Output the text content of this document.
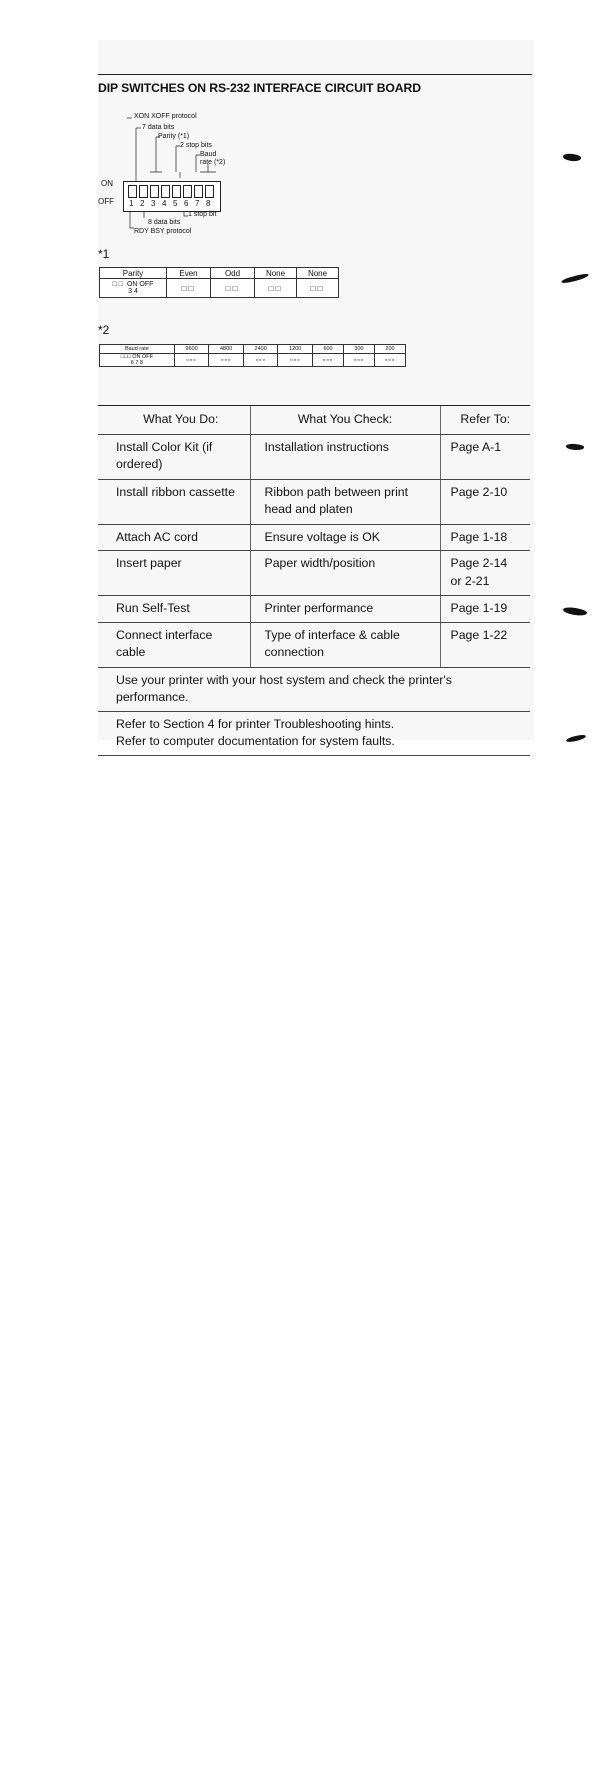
DIP SWITCHES ON RS-232 INTERFACE CIRCUIT BOARD
XON XOFF protocol
7 data bits
Parity (*1)
2 stop bits
Baud
rate (*2)
ON
OFF 1 2 3 4 5 6 7 8
1 stop bit
8 data bits
RDY BSY protocol
*1
Parity	Even	Odd	None	None

□□ ON OFF
3 4	□□	□□	□□	□□
*2
Baud rate	9600	4800	2400	1200	600	300	200

□□□ ON OFF
6 7 8	▫▫▫	▫▫▫	▫▫▫	▫▫▫	▫▫▫	▫▫▫	▫▫▫
What You Do:	What You Check:	Refer To:
Install Color Kit (if ordered)	Installation instructions	Page A-1
Install ribbon cassette	Ribbon path between print head and platen	Page 2-10
Attach AC cord	Ensure voltage is OK	Page 1-18
Insert paper	Paper width/position	Page 2-14 or 2-21
Run Self-Test	Printer performance	Page 1-19
Connect interface cable	Type of interface & cable connection	Page 1-22
Use your printer with your host system and check the printer's performance.		

Refer to Section 4 for printer Troubleshooting hints.
Refer to computer documentation for system faults.		
